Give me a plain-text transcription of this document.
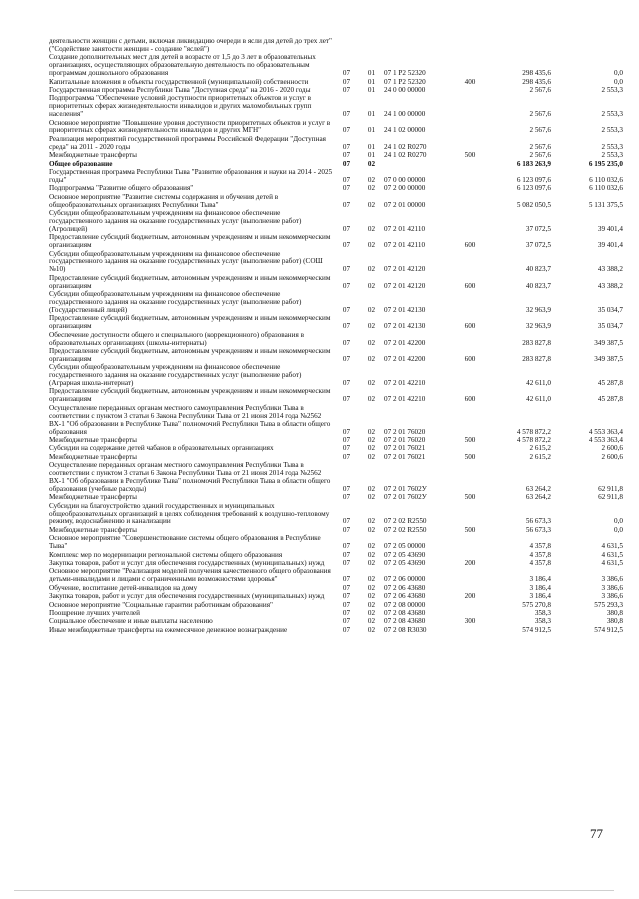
деятельности женщин с детьми, включая ликвидацию очереди в ясли для детей до трех лет" ("Содействие занятости женщин - создание "яслей")						
Создание дополнительных мест для детей в возрасте от 1,5 до 3 лет в образовательных организациях, осуществляющих образовательную деятельность по образовательным программам дошкольного образования	07	01	07 1 P2 52320		298 435,6	0,0
Капитальные вложения в объекты государственной (муниципальной) собственности	07	01	07 1 P2 52320	400	298 435,6	0,0
Государственная программа Республики Тыва "Доступная среда" на 2016 - 2020 годы	07	01	24 0 00 00000		2 567,6	2 553,3
Подпрограмма "Обеспечение условий доступности приоритетных объектов и услуг в приоритетных сферах жизнедеятельности инвалидов и других маломобильных групп населения"	07	01	24 1 00 00000		2 567,6	2 553,3
Основное мероприятие "Повышение уровня доступности приоритетных объектов и услуг в приоритетных сферах жизнедеятельности инвалидов и других МГН"	07	01	24 1 02 00000		2 567,6	2 553,3
Реализация мероприятий государственной программы Российской Федерации "Доступная среда" на 2011 - 2020 годы	07	01	24 1 02 R0270		2 567,6	2 553,3
Межбюджетные трансферты	07	01	24 1 02 R0270	500	2 567,6	2 553,3
Общее образование	07	02			6 183 263,9	6 195 235,0
Государственная программа Республики Тыва "Развитие образования и науки на 2014 - 2025 годы"	07	02	07 0 00 00000		6 123 097,6	6 110 032,6
Подпрограмма "Развитие общего образования"	07	02	07 2 00 00000		6 123 097,6	6 110 032,6
Основное мероприятие "Развитие системы содержания и обучения детей в общеобразовательных организациях Республики Тыва"	07	02	07 2 01 00000		5 082 050,5	5 131 375,5
Субсидии общеобразовательным учреждениям на финансовое обеспечение государственного задания на оказание государственных услуг (выполнение работ) (Агролицей)	07	02	07 2 01 42110		37 072,5	39 401,4
Предоставление субсидий бюджетным, автономным учреждениям и иным некоммерческим организациям	07	02	07 2 01 42110	600	37 072,5	39 401,4
Субсидии общеобразовательным учреждениям на финансовое обеспечение государственного задания на оказание государственных услуг (выполнение работ) (СОШ №10)	07	02	07 2 01 42120		40 823,7	43 388,2
Предоставление субсидий бюджетным, автономным учреждениям и иным некоммерческим организациям	07	02	07 2 01 42120	600	40 823,7	43 388,2
Субсидии общеобразовательным учреждениям на финансовое обеспечение государственного задания на оказание государственных услуг (выполнение работ) (Государственный лицей)	07	02	07 2 01 42130		32 963,9	35 034,7
Предоставление субсидий бюджетным, автономным учреждениям и иным некоммерческим организациям	07	02	07 2 01 42130	600	32 963,9	35 034,7
Обеспечение доступности общего и специального (коррекционного) образования в образовательных организациях (школы-интернаты)	07	02	07 2 01 42200		283 827,8	349 387,5
Предоставление субсидий бюджетным, автономным учреждениям и иным некоммерческим организациям	07	02	07 2 01 42200	600	283 827,8	349 387,5
Субсидии общеобразовательным учреждениям на финансовое обеспечение государственного задания на оказание государственных услуг (выполнение работ) (Аграрная школа-интернат)	07	02	07 2 01 42210		42 611,0	45 287,8
Предоставление субсидий бюджетным, автономным учреждениям и иным некоммерческим организациям	07	02	07 2 01 42210	600	42 611,0	45 287,8
Осуществление переданных органам местного самоуправления Республики Тыва в соответствии с пунктом 3 статьи 6 Закона Республики Тыва от 21 июня 2014 года №2562 ВХ-1 "Об образовании в Республике Тыва" полномочий Республики Тыва в области общего образования	07	02	07 2 01 76020		4 578 872,2	4 553 363,4
Межбюджетные трансферты	07	02	07 2 01 76020	500	4 578 872,2	4 553 363,4
Субсидии на содержание детей чабанов в образовательных организациях	07	02	07 2 01 76021		2 615,2	2 600,6
Межбюджетные трансферты	07	02	07 2 01 76021	500	2 615,2	2 600,6
Осуществление переданных органам местного самоуправления Республики Тыва в соответствии с пунктом 3 статьи 6 Закона Республики Тыва от 21 июня 2014 года №2562 ВХ-1 "Об образовании в Республике Тыва" полномочий Республики Тыва в области общего образования (учебные расходы)	07	02	07 2 01 7602У		63 264,2	62 911,8
Межбюджетные трансферты	07	02	07 2 01 7602У	500	63 264,2	62 911,8
Субсидии на благоустройство зданий государственных и муниципальных общеобразовательных организаций в целях соблюдения требований к воздушно-тепловому режиму, водоснабжению и канализации	07	02	07 2 02 R2550		56 673,3	0,0
Межбюджетные трансферты	07	02	07 2 02 R2550	500	56 673,3	0,0
Основное мероприятие "Совершенствование системы общего образования в Республике Тыва"	07	02	07 2 05 00000		4 357,8	4 631,5
Комплекс мер по модернизации региональной системы общего образования	07	02	07 2 05 43690		4 357,8	4 631,5
Закупка товаров, работ и услуг для обеспечения государственных (муниципальных) нужд	07	02	07 2 05 43690	200	4 357,8	4 631,5
Основное мероприятие "Реализация моделей получения качественного общего образования детьми-инвалидами и лицами с ограниченными возможностями здоровья"	07	02	07 2 06 00000		3 186,4	3 386,6
Обучение, воспитание детей-инвалидов на дому	07	02	07 2 06 43680		3 186,4	3 386,6
Закупка товаров, работ и услуг для обеспечения государственных (муниципальных) нужд	07	02	07 2 06 43680	200	3 186,4	3 386,6
Основное мероприятие "Социальные гарантии работникам образования"	07	02	07 2 08 00000		575 270,8	575 293,3
Поощрение лучших учителей	07	02	07 2 08 43680		358,3	380,8
Социальное обеспечение и иные выплаты населению	07	02	07 2 08 43680	300	358,3	380,8
Иные межбюджетные трансферты на ежемесячное денежное вознаграждение	07	02	07 2 08 R3030		574 912,5	574 912,5
77
